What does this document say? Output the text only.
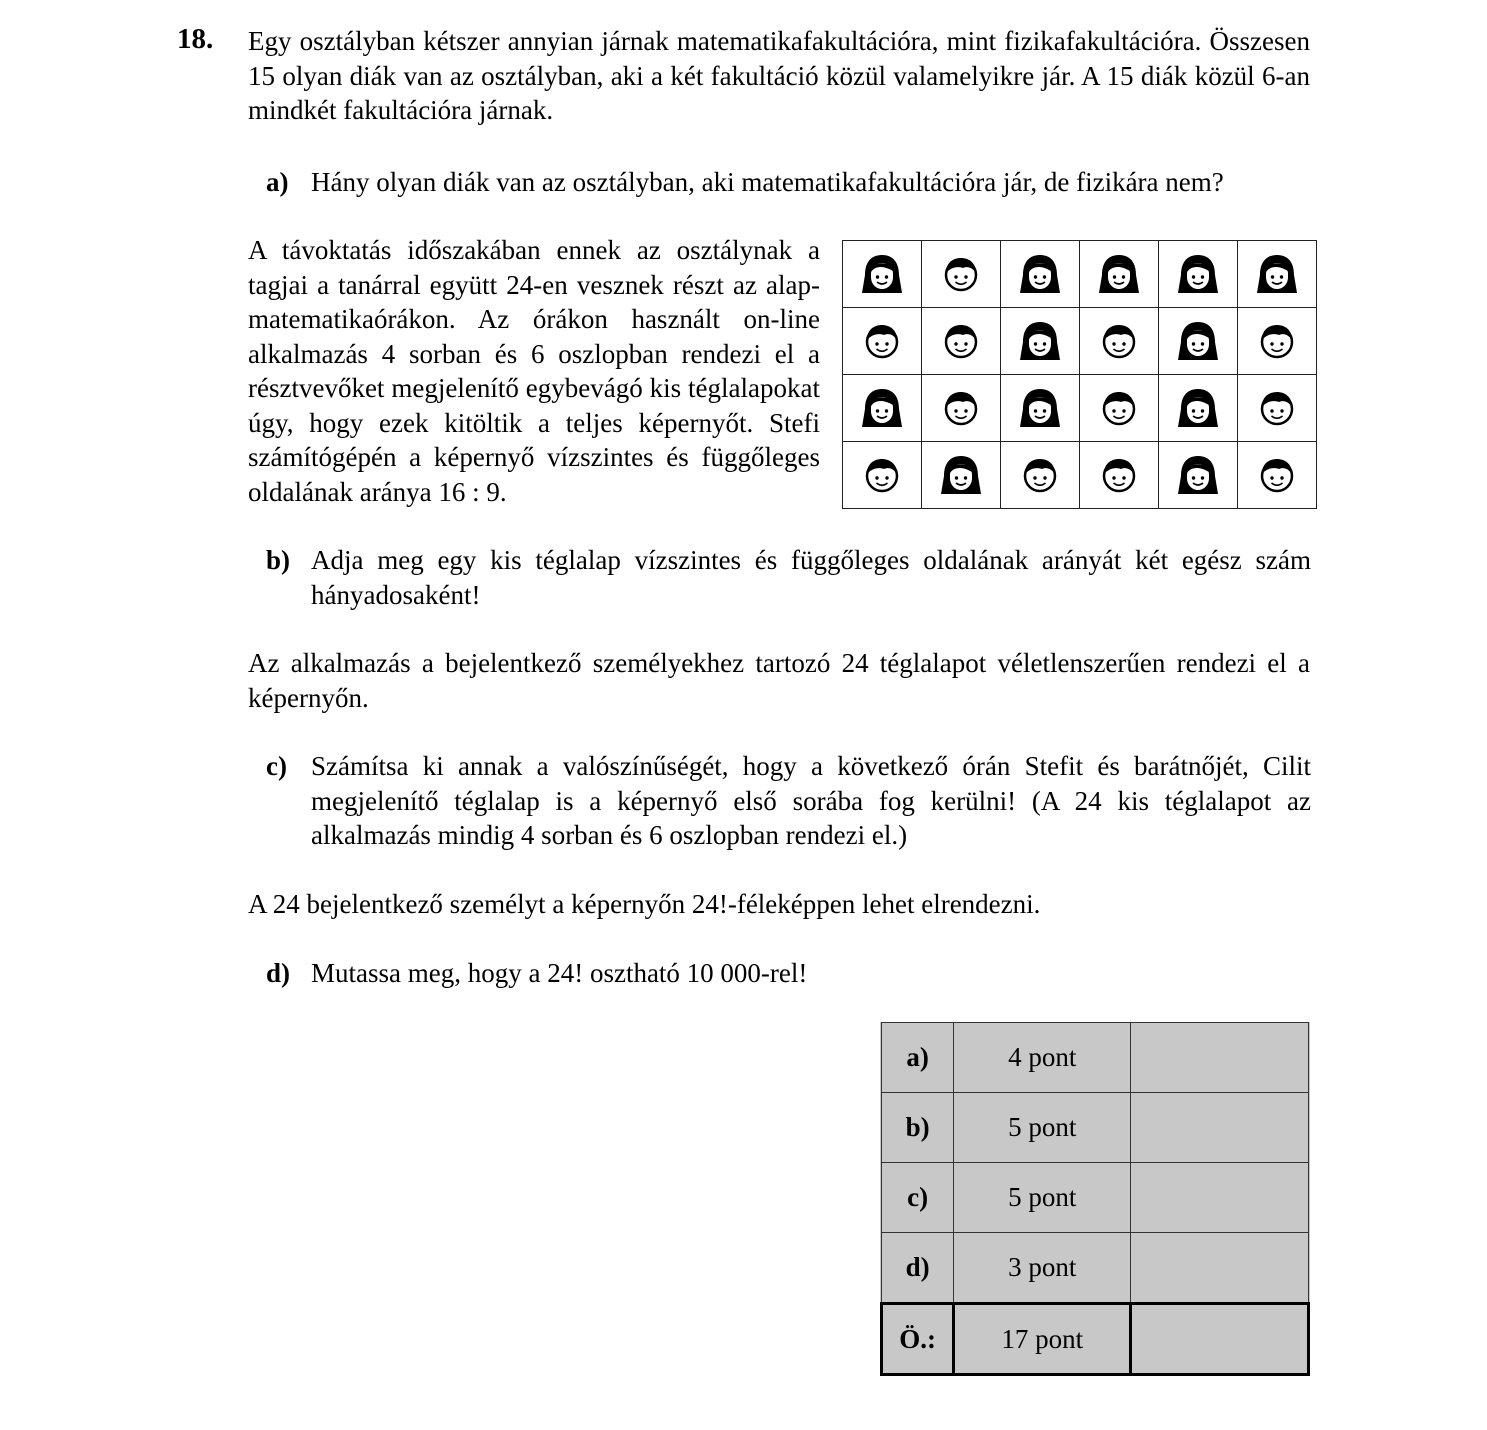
18. Egy osztályban kétszer annyian járnak matematikafakultációra, mint fizikafakultációra. Összesen 15 olyan diák van az osztályban, aki a két fakultáció közül valamelyikre jár. A 15 diák közül 6-an mindkét fakultációra járnak.
a) Hány olyan diák van az osztályban, aki matematikafakultációra jár, de fizikára nem?
A távoktatás időszakában ennek az osztálynak a tagjai a tanárral együtt 24-en vesznek részt az alap-matematikaórákon. Az órákon használt on-line alkalmazás 4 sorban és 6 oszlopban rendezi el a résztvevőket megjelenítő egybevágó kis téglalapokat úgy, hogy ezek kitöltik a teljes képernyőt. Stefi számítógépén a képernyő vízszintes és függőleges oldalának aránya 16 : 9.

b) Adja meg egy kis téglalap vízszintes és függőleges oldalának arányát két egész szám hányadosaként!
Az alkalmazás a bejelentkező személyekhez tartozó 24 téglalapot véletlenszerűen rendezi el a képernyőn.
c) Számítsa ki annak a valószínűségét, hogy a következő órán Stefit és barátnőjét, Cilit megjelenítő téglalap is a képernyő első sorába fog kerülni! (A 24 kis téglalapot az alkalmazás mindig 4 sorban és 6 oszlopban rendezi el.)
A 24 bejelentkező személyt a képernyőn 24!-féleképpen lehet elrendezni.
d) Mutassa meg, hogy a 24! osztható 10 000-rel!
a)	4 pont	
b)	5 pont	
c)	5 pont	
d)	3 pont	
Ö.:	17 pont	
